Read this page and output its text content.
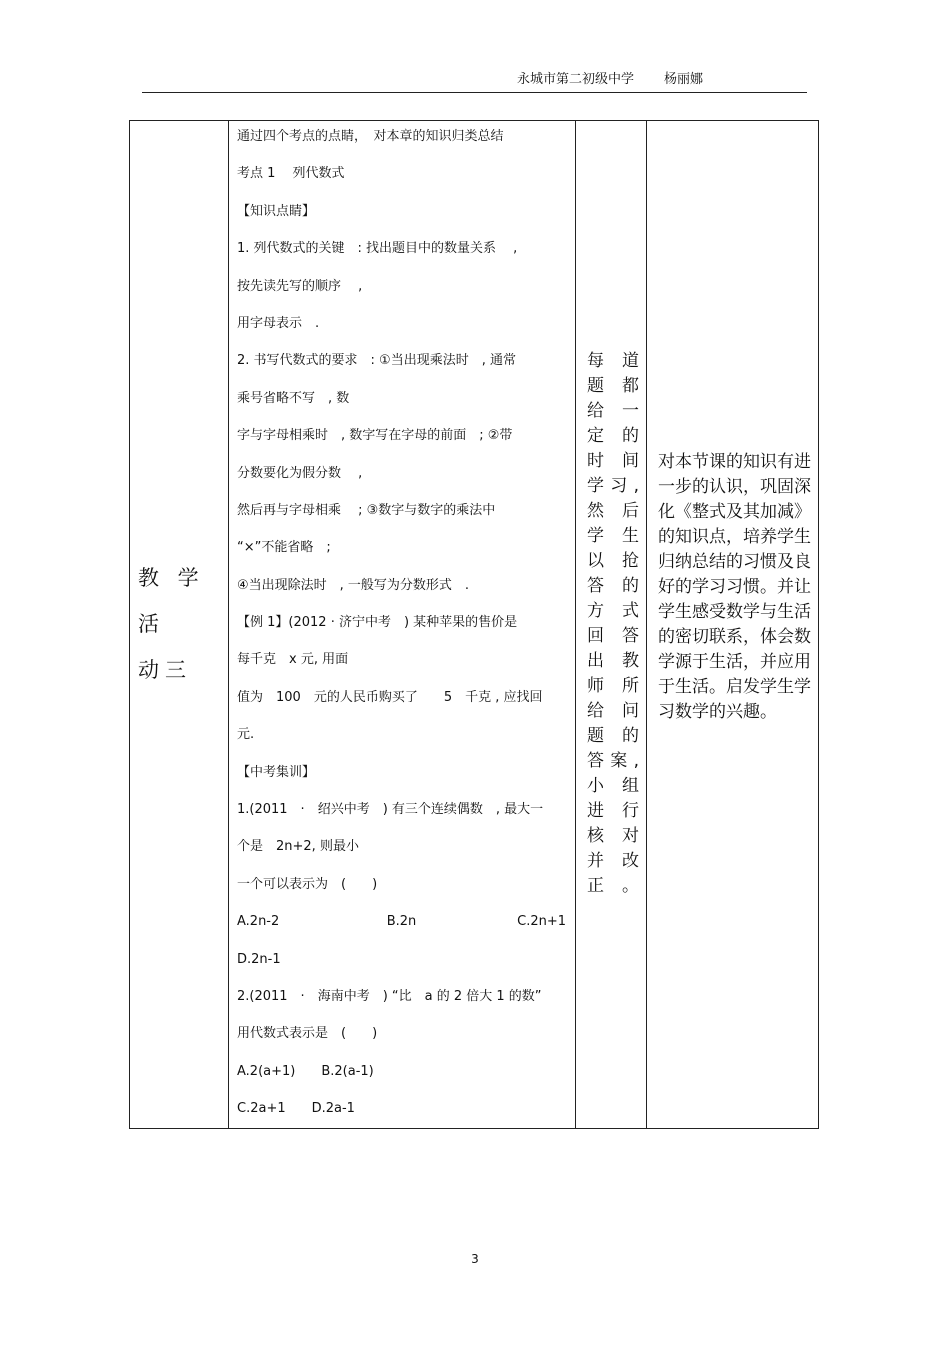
永城市第二初级中学 杨丽娜
教 学 活
动三

通过四个考点的点睛，　对本章的知识归类总结
考点 1　 列代数式
【知识点睛】
1. 列代数式的关键　: 找出题目中的数量关系　 ,
按先读先写的顺序　 ,
用字母表示　.
2. 书写代数式的要求　: ①当出现乘法时　, 通常
乘号省略不写　, 数
字与字母相乘时　, 数字写在字母的前面　; ②带
分数要化为假分数　 ,
然后再与字母相乘　 ; ③数字与数字的乘法中
“×”不能省略　;
④当出现除法时　, 一般写为分数形式　.
【例 1】(2012 · 济宁中考　) 某种苹果的售价是
每千克　x 元, 用面
值为　100　元的人民币购买了　　5　千克 , 应找回
元.
【中考集训】
1.(2011　·　绍兴中考　) 有三个连续偶数　, 最大一
个是　2n+2, 则最小
一个可以表示为　(　　)
A.2n-2	B.2n	C.2n+1
D.2n-1
2.(2011　·　海南中考　) “比　a 的 2 倍大 1 的数”
用代数式表示是　(　　)
A.2(a+1)　　B.2(a-1)
C.2a+1　　D.2a-1

每　道
题　都
给　一
定　的
时　间
学习,
然　后
学　生
以　抢
答　的
方　式
回　答
出　教
师　所
给　问
题　的
答案,
小　组
进　行
核　对
并　改
正。

对本节课的知识有进一步的认识，巩固深化《整式及其加减》的知识点，培养学生归纳总结的习惯及良好的学习习惯。并让学生感受数学与生活的密切联系，体会数学源于生活，并应用于生活。启发学生学习数学的兴趣。
3
